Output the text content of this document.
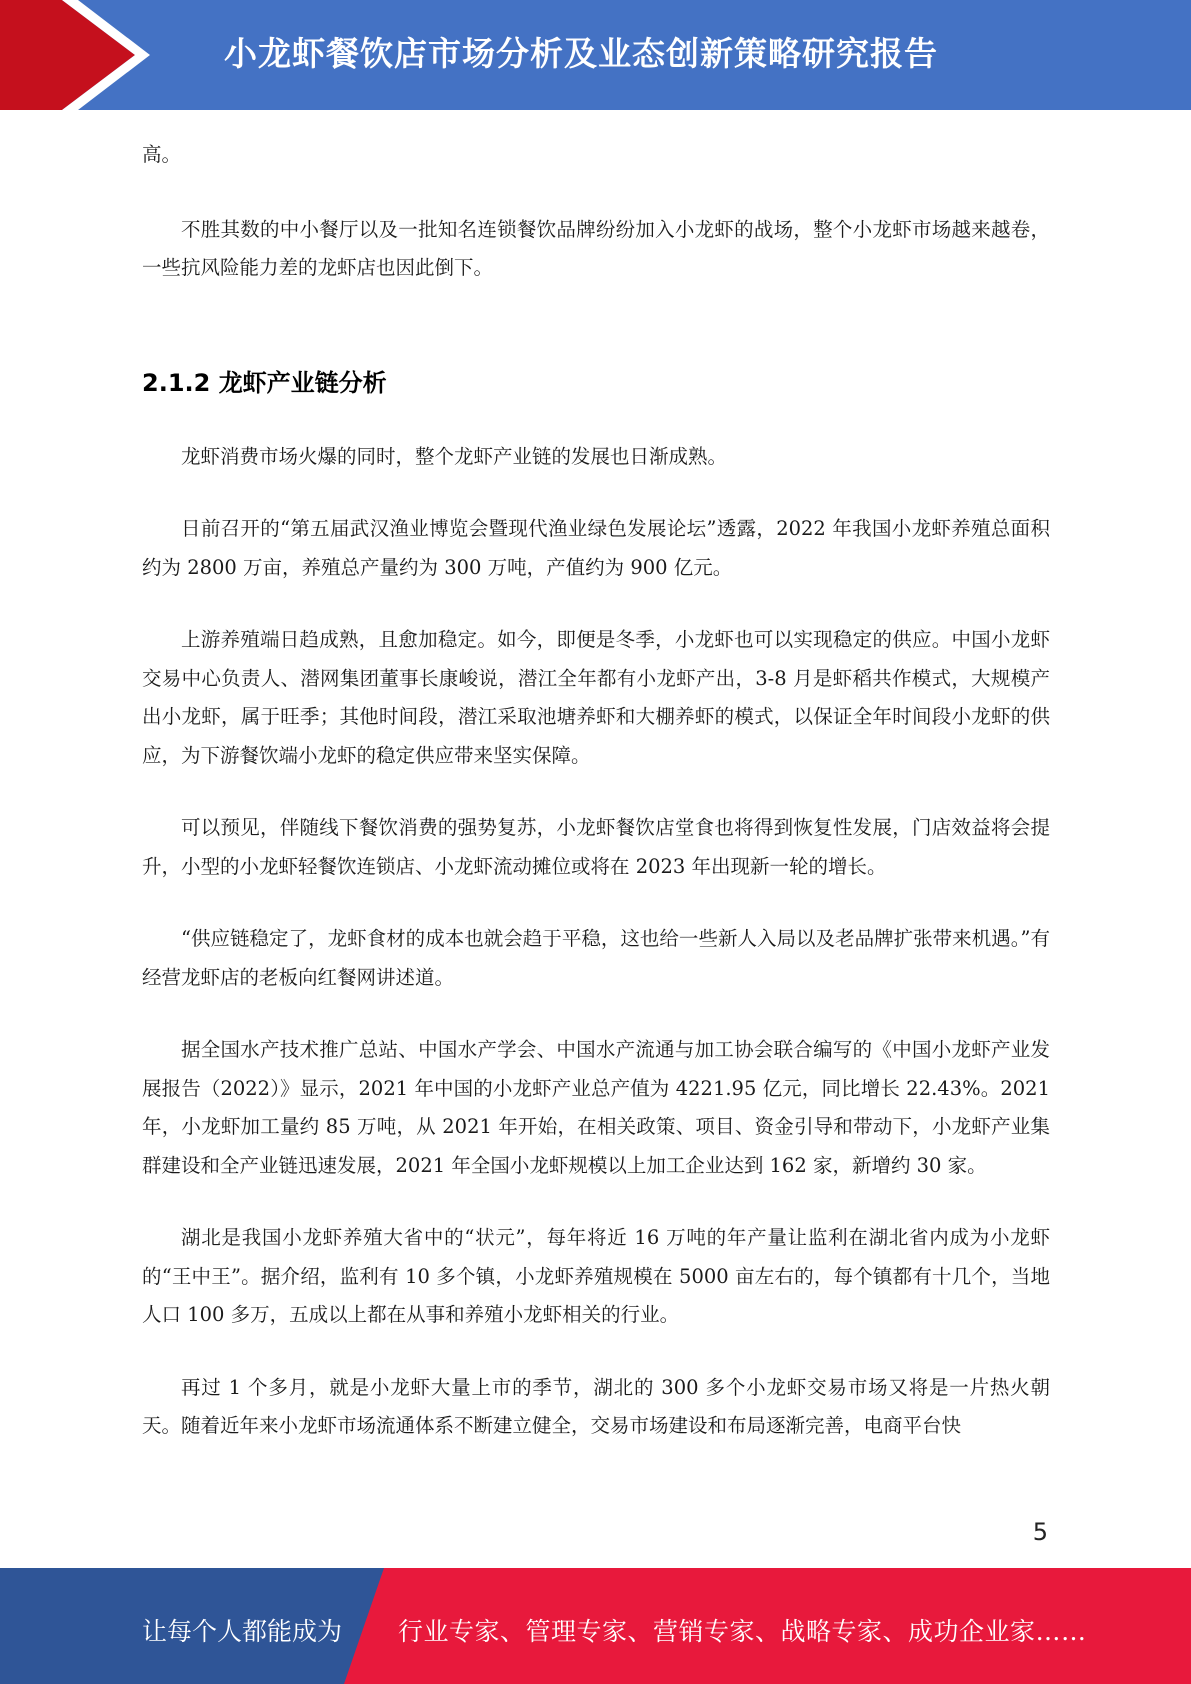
小龙虾餐饮店市场分析及业态创新策略研究报告

高。

不胜其数的中小餐厅以及一批知名连锁餐饮品牌纷纷加入小龙虾的战场，整个小龙虾市场越来越卷，一些抗风险能力差的龙虾店也因此倒下。

2.1.2 龙虾产业链分析

龙虾消费市场火爆的同时，整个龙虾产业链的发展也日渐成熟。

日前召开的“第五届武汉渔业博览会暨现代渔业绿色发展论坛”透露，2022 年我国小龙虾养殖总面积约为 2800 万亩，养殖总产量约为 300 万吨，产值约为 900 亿元。

上游养殖端日趋成熟，且愈加稳定。如今，即便是冬季，小龙虾也可以实现稳定的供应。中国小龙虾交易中心负责人、潜网集团董事长康峻说，潜江全年都有小龙虾产出，3-8 月是虾稻共作模式，大规模产出小龙虾，属于旺季；其他时间段，潜江采取池塘养虾和大棚养虾的模式，以保证全年时间段小龙虾的供应，为下游餐饮端小龙虾的稳定供应带来坚实保障。

可以预见，伴随线下餐饮消费的强势复苏，小龙虾餐饮店堂食也将得到恢复性发展，门店效益将会提升，小型的小龙虾轻餐饮连锁店、小龙虾流动摊位或将在 2023 年出现新一轮的增长。

“供应链稳定了，龙虾食材的成本也就会趋于平稳，这也给一些新人入局以及老品牌扩张带来机遇。”有经营龙虾店的老板向红餐网讲述道。

据全国水产技术推广总站、中国水产学会、中国水产流通与加工协会联合编写的《中国小龙虾产业发展报告（2022）》显示，2021 年中国的小龙虾产业总产值为 4221.95 亿元，同比增长 22.43%。2021 年，小龙虾加工量约 85 万吨，从 2021 年开始，在相关政策、项目、资金引导和带动下，小龙虾产业集群建设和全产业链迅速发展，2021 年全国小龙虾规模以上加工企业达到 162 家，新增约 30 家。

湖北是我国小龙虾养殖大省中的“状元”，每年将近 16 万吨的年产量让监利在湖北省内成为小龙虾的“王中王”。据介绍，监利有 10 多个镇，小龙虾养殖规模在 5000 亩左右的，每个镇都有十几个，当地人口 100 多万，五成以上都在从事和养殖小龙虾相关的行业。

再过 1 个多月，就是小龙虾大量上市的季节，湖北的 300 多个小龙虾交易市场又将是一片热火朝天。随着近年来小龙虾市场流通体系不断建立健全，交易市场建设和布局逐渐完善，电商平台快

5
让每个人都能成为 行业专家、管理专家、营销专家、战略专家、成功企业家……
